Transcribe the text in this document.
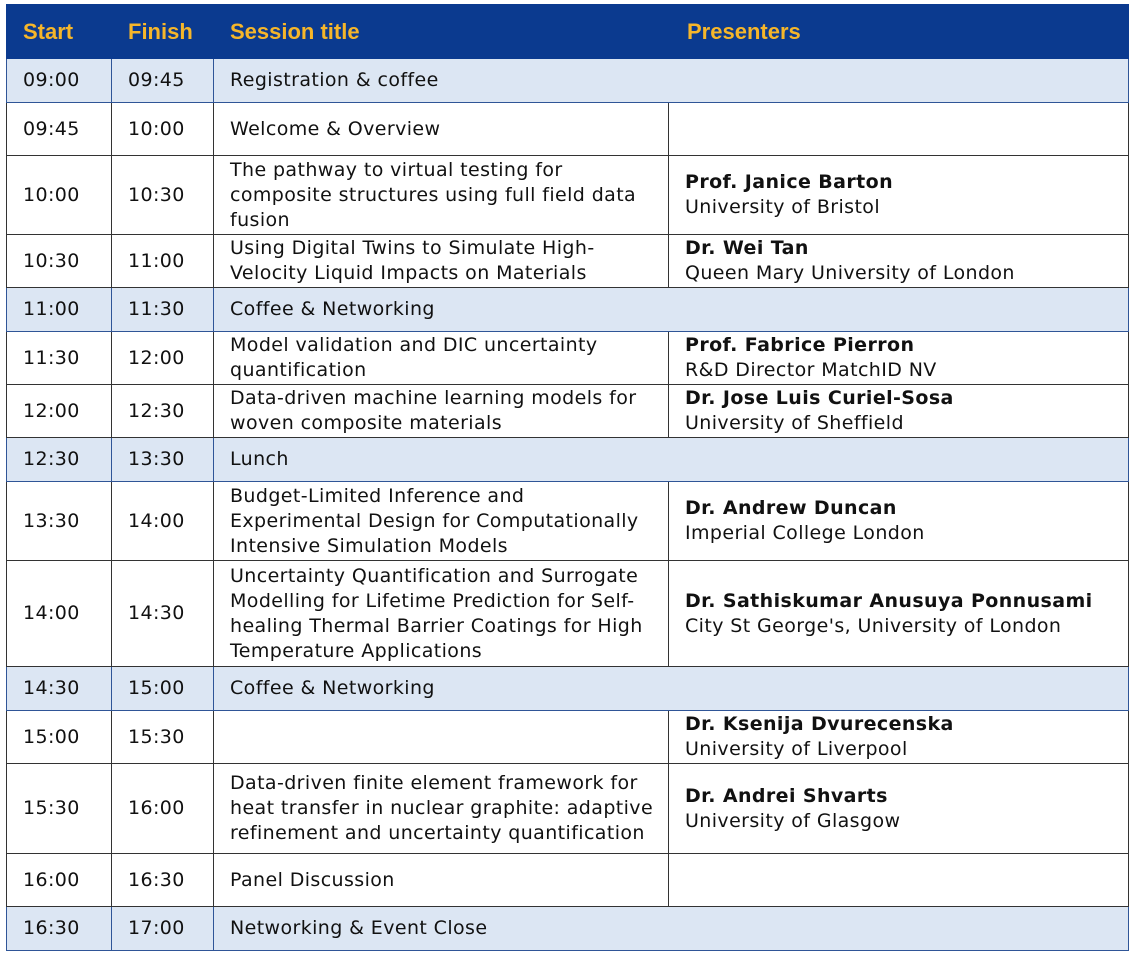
Start	Finish	Session title	Presenters
09:00	09:45	Registration & coffee	
09:45	10:00	Welcome & Overview	
10:00	10:30	The pathway to virtual testing for
composite structures using full field data
fusion	Prof. Janice Barton
University of Bristol

10:30	11:00	Using Digital Twins to Simulate High-
Velocity Liquid Impacts on Materials	Dr. Wei Tan
Queen Mary University of London

11:00	11:30	Coffee & Networking	
11:30	12:00	Model validation and DIC uncertainty
quantification	Prof. Fabrice Pierron
R&D Director MatchID NV

12:00	12:30	Data-driven machine learning models for
woven composite materials	Dr. Jose Luis Curiel-Sosa
University of Sheffield

12:30	13:30	Lunch	
13:30	14:00	Budget-Limited Inference and
Experimental Design for Computationally
Intensive Simulation Models	Dr. Andrew Duncan
Imperial College London

14:00	14:30	Uncertainty Quantification and Surrogate
Modelling for Lifetime Prediction for Self-
healing Thermal Barrier Coatings for High
Temperature Applications	Dr. Sathiskumar Anusuya Ponnusami
City St George's, University of London

14:30	15:00	Coffee & Networking	
15:00	15:30		Dr. Ksenija Dvurecenska
University of Liverpool

15:30	16:00	Data-driven finite element framework for
heat transfer in nuclear graphite: adaptive
refinement and uncertainty quantification	Dr. Andrei Shvarts
University of Glasgow

16:00	16:30	Panel Discussion	
16:30	17:00	Networking & Event Close	
